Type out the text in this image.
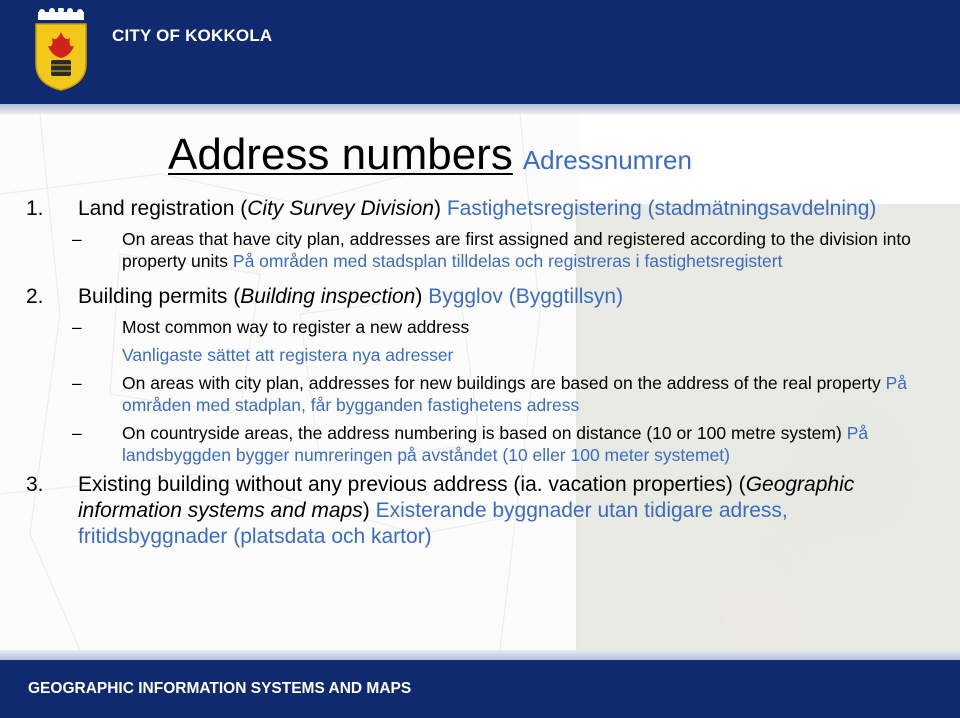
CITY OF KOKKOLA
Address numbers Adressnumren
1. Land registration (City Survey Division) Fastighetsregistering (stadmätningsavdelning)
– On areas that have city plan, addresses are first assigned and registered according to the division into property units På områden med stadsplan tilldelas och registreras i fastighetsregistert
2. Building permits (Building inspection) Bygglov (Byggtillsyn)
– Most common way to register a new address
Vanligaste sättet att registera nya adresser
– On areas with city plan, addresses for new buildings are based on the address of the real property På områden med stadplan, får bygganden fastighetens adress
– On countryside areas, the address numbering is based on distance (10 or 100 metre system) På landsbyggden bygger numreringen på avståndet (10 eller 100 meter systemet)
3. Existing building without any previous address (ia. vacation properties) (Geographic information systems and maps) Existerande byggnader utan tidigare adress, fritidsbyggnader (platsdata och kartor)
GEOGRAPHIC INFORMATION SYSTEMS AND MAPS
